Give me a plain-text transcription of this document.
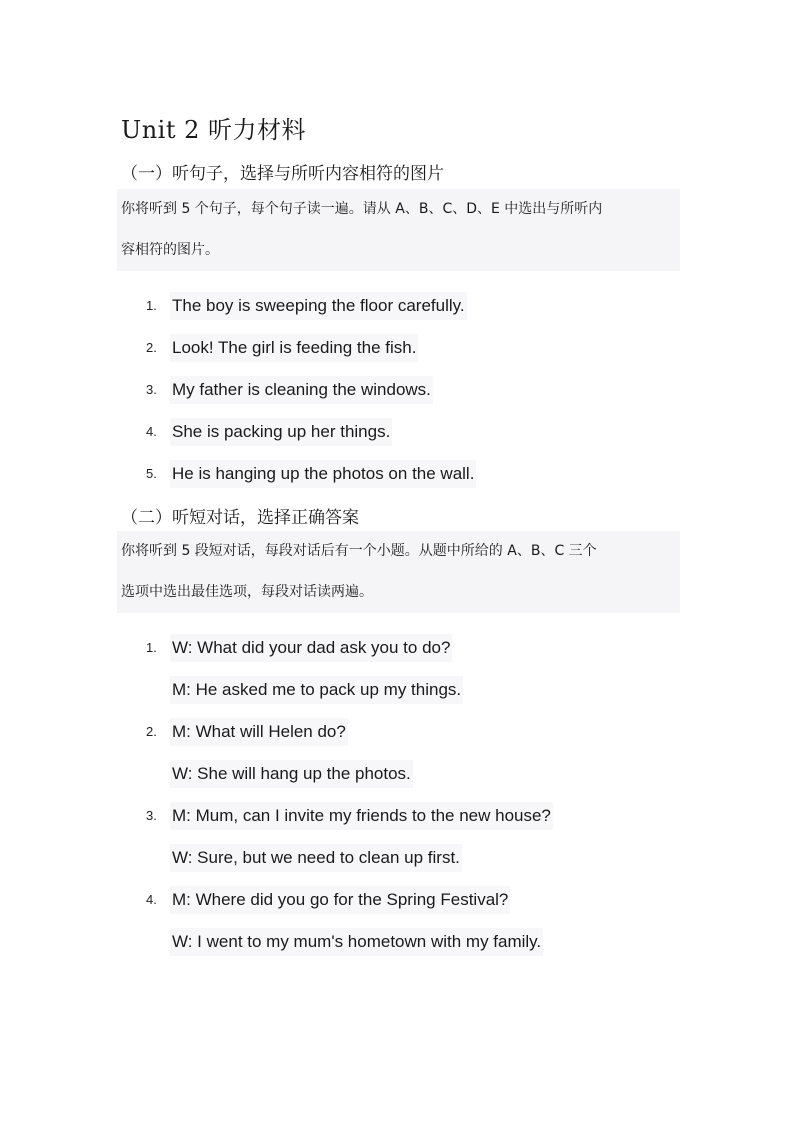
Unit 2 听力材料
（一）听句子，选择与所听内容相符的图片
你将听到 5 个句子，每个句子读一遍。请从 A、B、C、D、E 中选出与所听内
容相符的图片。
1. The boy is sweeping the floor carefully.
2. Look! The girl is feeding the fish.
3. My father is cleaning the windows.
4. She is packing up her things.
5. He is hanging up the photos on the wall.
（二）听短对话，选择正确答案
你将听到 5 段短对话，每段对话后有一个小题。从题中所给的 A、B、C 三个
选项中选出最佳选项，每段对话读两遍。
1. W: What did your dad ask you to do?
M: He asked me to pack up my things.
2. M: What will Helen do?
W: She will hang up the photos.
3. M: Mum, can I invite my friends to the new house?
W: Sure, but we need to clean up first.
4. M: Where did you go for the Spring Festival?
W: I went to my mum's hometown with my family.
